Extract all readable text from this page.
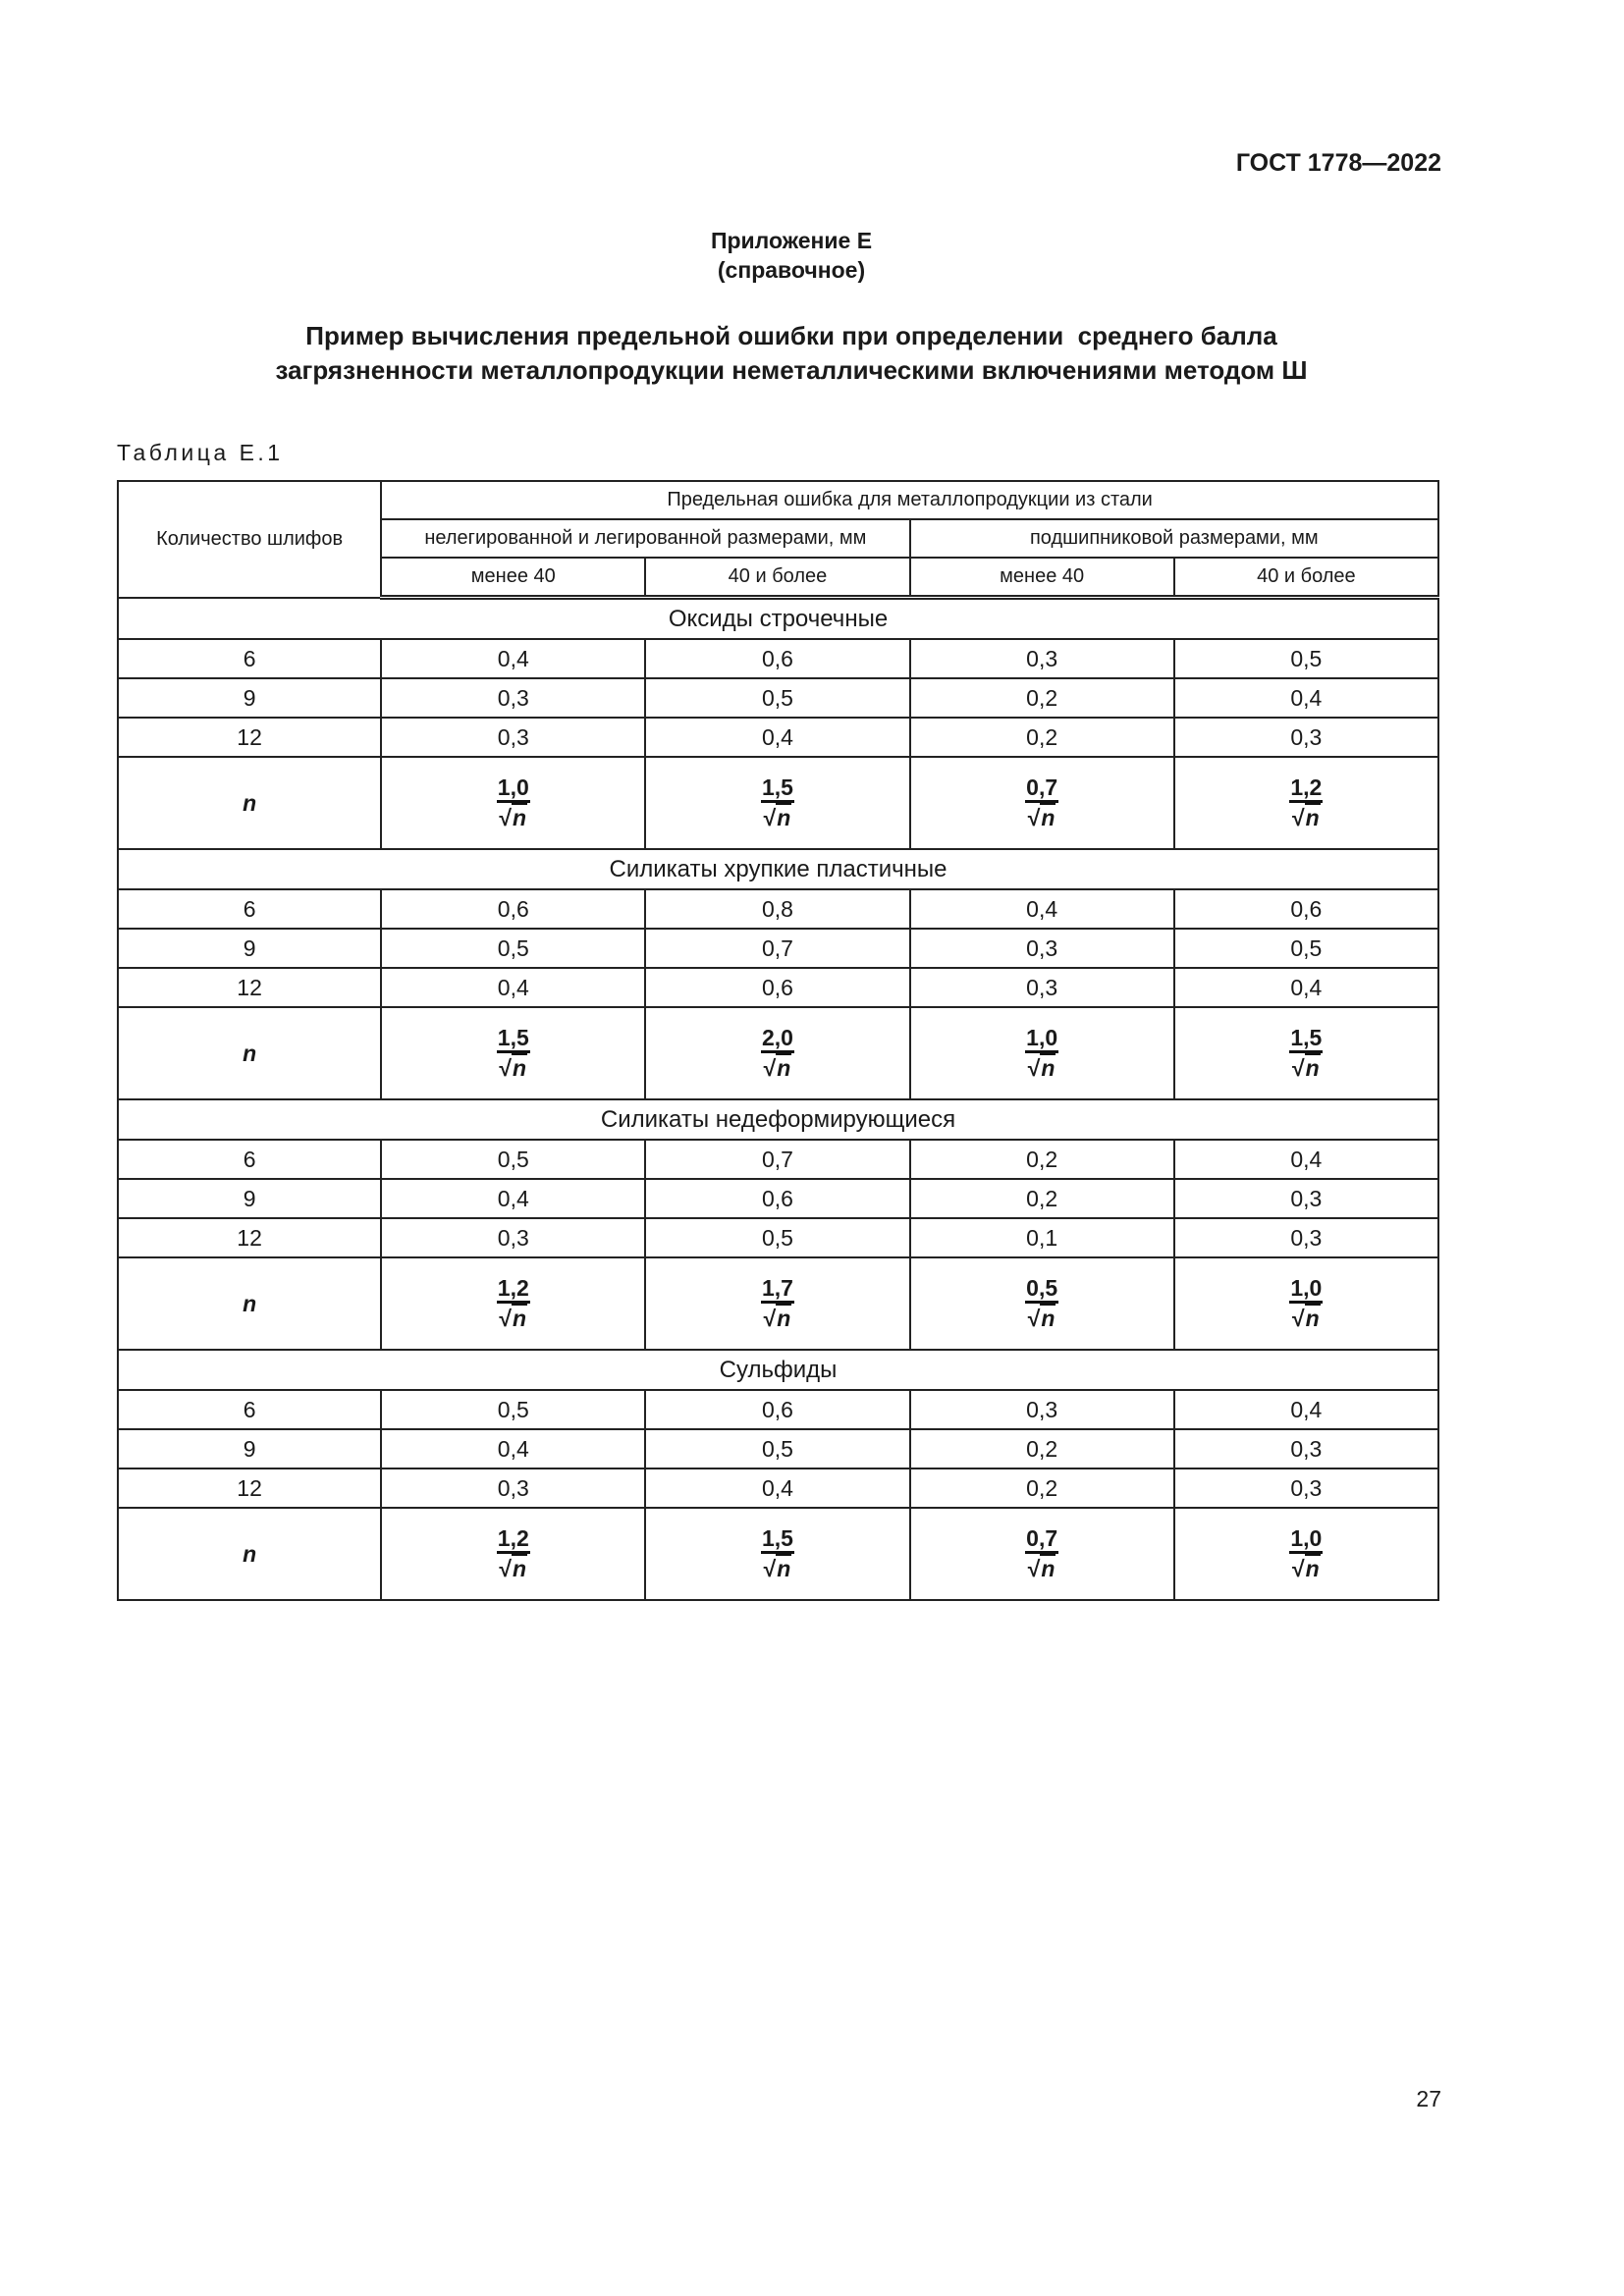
ГОСТ 1778—2022
Приложение Е
(справочное)
Пример вычисления предельной ошибки при определении  среднего балла
загрязненности металлопродукции неметаллическими включениями методом Ш
Таблица Е.1
Количество шлифов	Предельная ошибка для металлопродукции из стали			
	нелегированной и легированной размерами, мм		подшипниковой размерами, мм	
	менее 40	40 и более	менее 40	40 и более
Оксиды строчечные				
6	0,4	0,6	0,3	0,5
9	0,3	0,5	0,2	0,4
12	0,3	0,4	0,2	0,3
n	$\frac{1,0}{√n}$	$\frac{1,5}{√n}$	$\frac{0,7}{√n}$	$\frac{1,2}{√n}$

Силикаты хрупкие пластичные				
6	0,6	0,8	0,4	0,6
9	0,5	0,7	0,3	0,5
12	0,4	0,6	0,3	0,4
n	$\frac{1,5}{√n}$	$\frac{2,0}{√n}$	$\frac{1,0}{√n}$	$\frac{1,5}{√n}$

Силикаты недеформирующиеся				
6	0,5	0,7	0,2	0,4
9	0,4	0,6	0,2	0,3
12	0,3	0,5	0,1	0,3
n	$\frac{1,2}{√n}$	$\frac{1,7}{√n}$	$\frac{0,5}{√n}$	$\frac{1,0}{√n}$

Сульфиды				
6	0,5	0,6	0,3	0,4
9	0,4	0,5	0,2	0,3
12	0,3	0,4	0,2	0,3
n	$\frac{1,2}{√n}$	$\frac{1,5}{√n}$	$\frac{0,7}{√n}$	$\frac{1,0}{√n}$
27
